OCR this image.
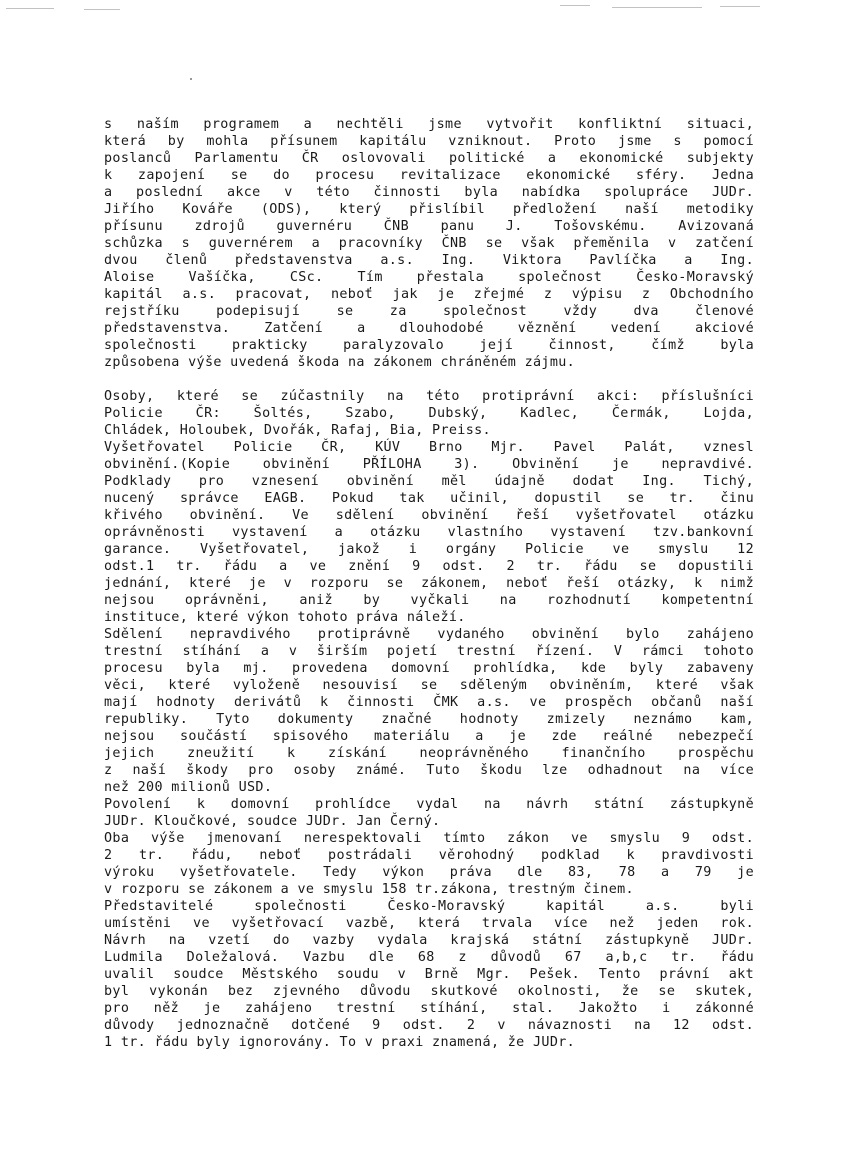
s naším programem a nechtěli jsme vytvořit konfliktní situaci,
která by mohla přísunem kapitálu vzniknout. Proto jsme s pomocí
poslanců Parlamentu ČR oslovovali politické a ekonomické subjekty
k zapojení se do procesu revitalizace ekonomické sféry. Jedna
a poslední akce v této činnosti byla nabídka spolupráce JUDr.
Jiřího Kováře (ODS), který přislíbil předložení naší metodiky
přísunu zdrojů guvernéru ČNB panu J. Tošovskému. Avizovaná
schůzka s guvernérem a pracovníky ČNB se však přeměnila v zatčení
dvou členů představenstva a.s. Ing. Viktora Pavlíčka a Ing.
Aloise Vašíčka, CSc. Tím přestala společnost Česko-Moravský
kapitál a.s. pracovat, neboť jak je zřejmé z výpisu z Obchodního
rejstříku podepisují se za společnost vždy dva členové
představenstva. Zatčení a dlouhodobé věznění vedení akciové
společnosti prakticky paralyzovalo její činnost, čímž byla
způsobena výše uvedená škoda na zákonem chráněném zájmu.
Osoby, které se zúčastnily na této protiprávní akci: příslušníci
Policie ČR: Šoltés, Szabo, Dubský, Kadlec, Čermák, Lojda,
Chládek, Holoubek, Dvořák, Rafaj, Bia, Preiss.
Vyšetřovatel Policie ČR, KÚV Brno Mjr. Pavel Palát, vznesl
obvinění.(Kopie obvinění PŘÍLOHA 3). Obvinění je nepravdivé.
Podklady pro vznesení obvinění měl údajně dodat Ing. Tichý,
nucený správce EAGB. Pokud tak učinil, dopustil se tr. činu
křivého obvinění. Ve sdělení obvinění řeší vyšetřovatel otázku
oprávněnosti vystavení a otázku vlastního vystavení tzv.bankovní
garance. Vyšetřovatel, jakož i orgány Policie ve smyslu 12
odst.1 tr. řádu a ve znění 9 odst. 2 tr. řádu se dopustili
jednání, které je v rozporu se zákonem, neboť řeší otázky, k nimž
nejsou oprávněni, aniž by vyčkali na rozhodnutí kompetentní
instituce, které výkon tohoto práva náleží.
Sdělení nepravdivého protiprávně vydaného obvinění bylo zahájeno
trestní stíhání a v širším pojetí trestní řízení. V rámci tohoto
procesu byla mj. provedena domovní prohlídka, kde byly zabaveny
věci, které vyloženě nesouvisí se sděleným obviněním, které však
mají hodnoty derivátů k činnosti ČMK a.s. ve prospěch občanů naší
republiky. Tyto dokumenty značné hodnoty zmizely neznámo kam,
nejsou součástí spisového materiálu a je zde reálné nebezpečí
jejich zneužití k získání neoprávněného finančního prospěchu
z naší škody pro osoby známé. Tuto škodu lze odhadnout na více
než 200 milionů USD.
Povolení k domovní prohlídce vydal na návrh státní zástupkyně
JUDr. Kloučkové, soudce JUDr. Jan Černý.
Oba výše jmenovaní nerespektovali tímto zákon ve smyslu 9 odst.
2 tr. řádu, neboť postrádali věrohodný podklad k pravdivosti
výroku vyšetřovatele. Tedy výkon práva dle 83, 78 a 79 je
v rozporu se zákonem a ve smyslu 158 tr.zákona, trestným činem.
Představitelé společnosti Česko-Moravský kapitál a.s. byli
umístěni ve vyšetřovací vazbě, která trvala více než jeden rok.
Návrh na vzetí do vazby vydala krajská státní zástupkyně JUDr.
Ludmila Doležalová. Vazbu dle 68 z důvodů 67 a,b,c tr. řádu
uvalil soudce Městského soudu v Brně Mgr. Pešek. Tento právní akt
byl vykonán bez zjevného důvodu skutkové okolnosti, že se skutek,
pro něž je zahájeno trestní stíhání, stal. Jakožto i zákonné
důvody jednoznačně dotčené 9 odst. 2 v návaznosti na 12 odst.
1 tr. řádu byly ignorovány. To v praxi znamená, že JUDr.
